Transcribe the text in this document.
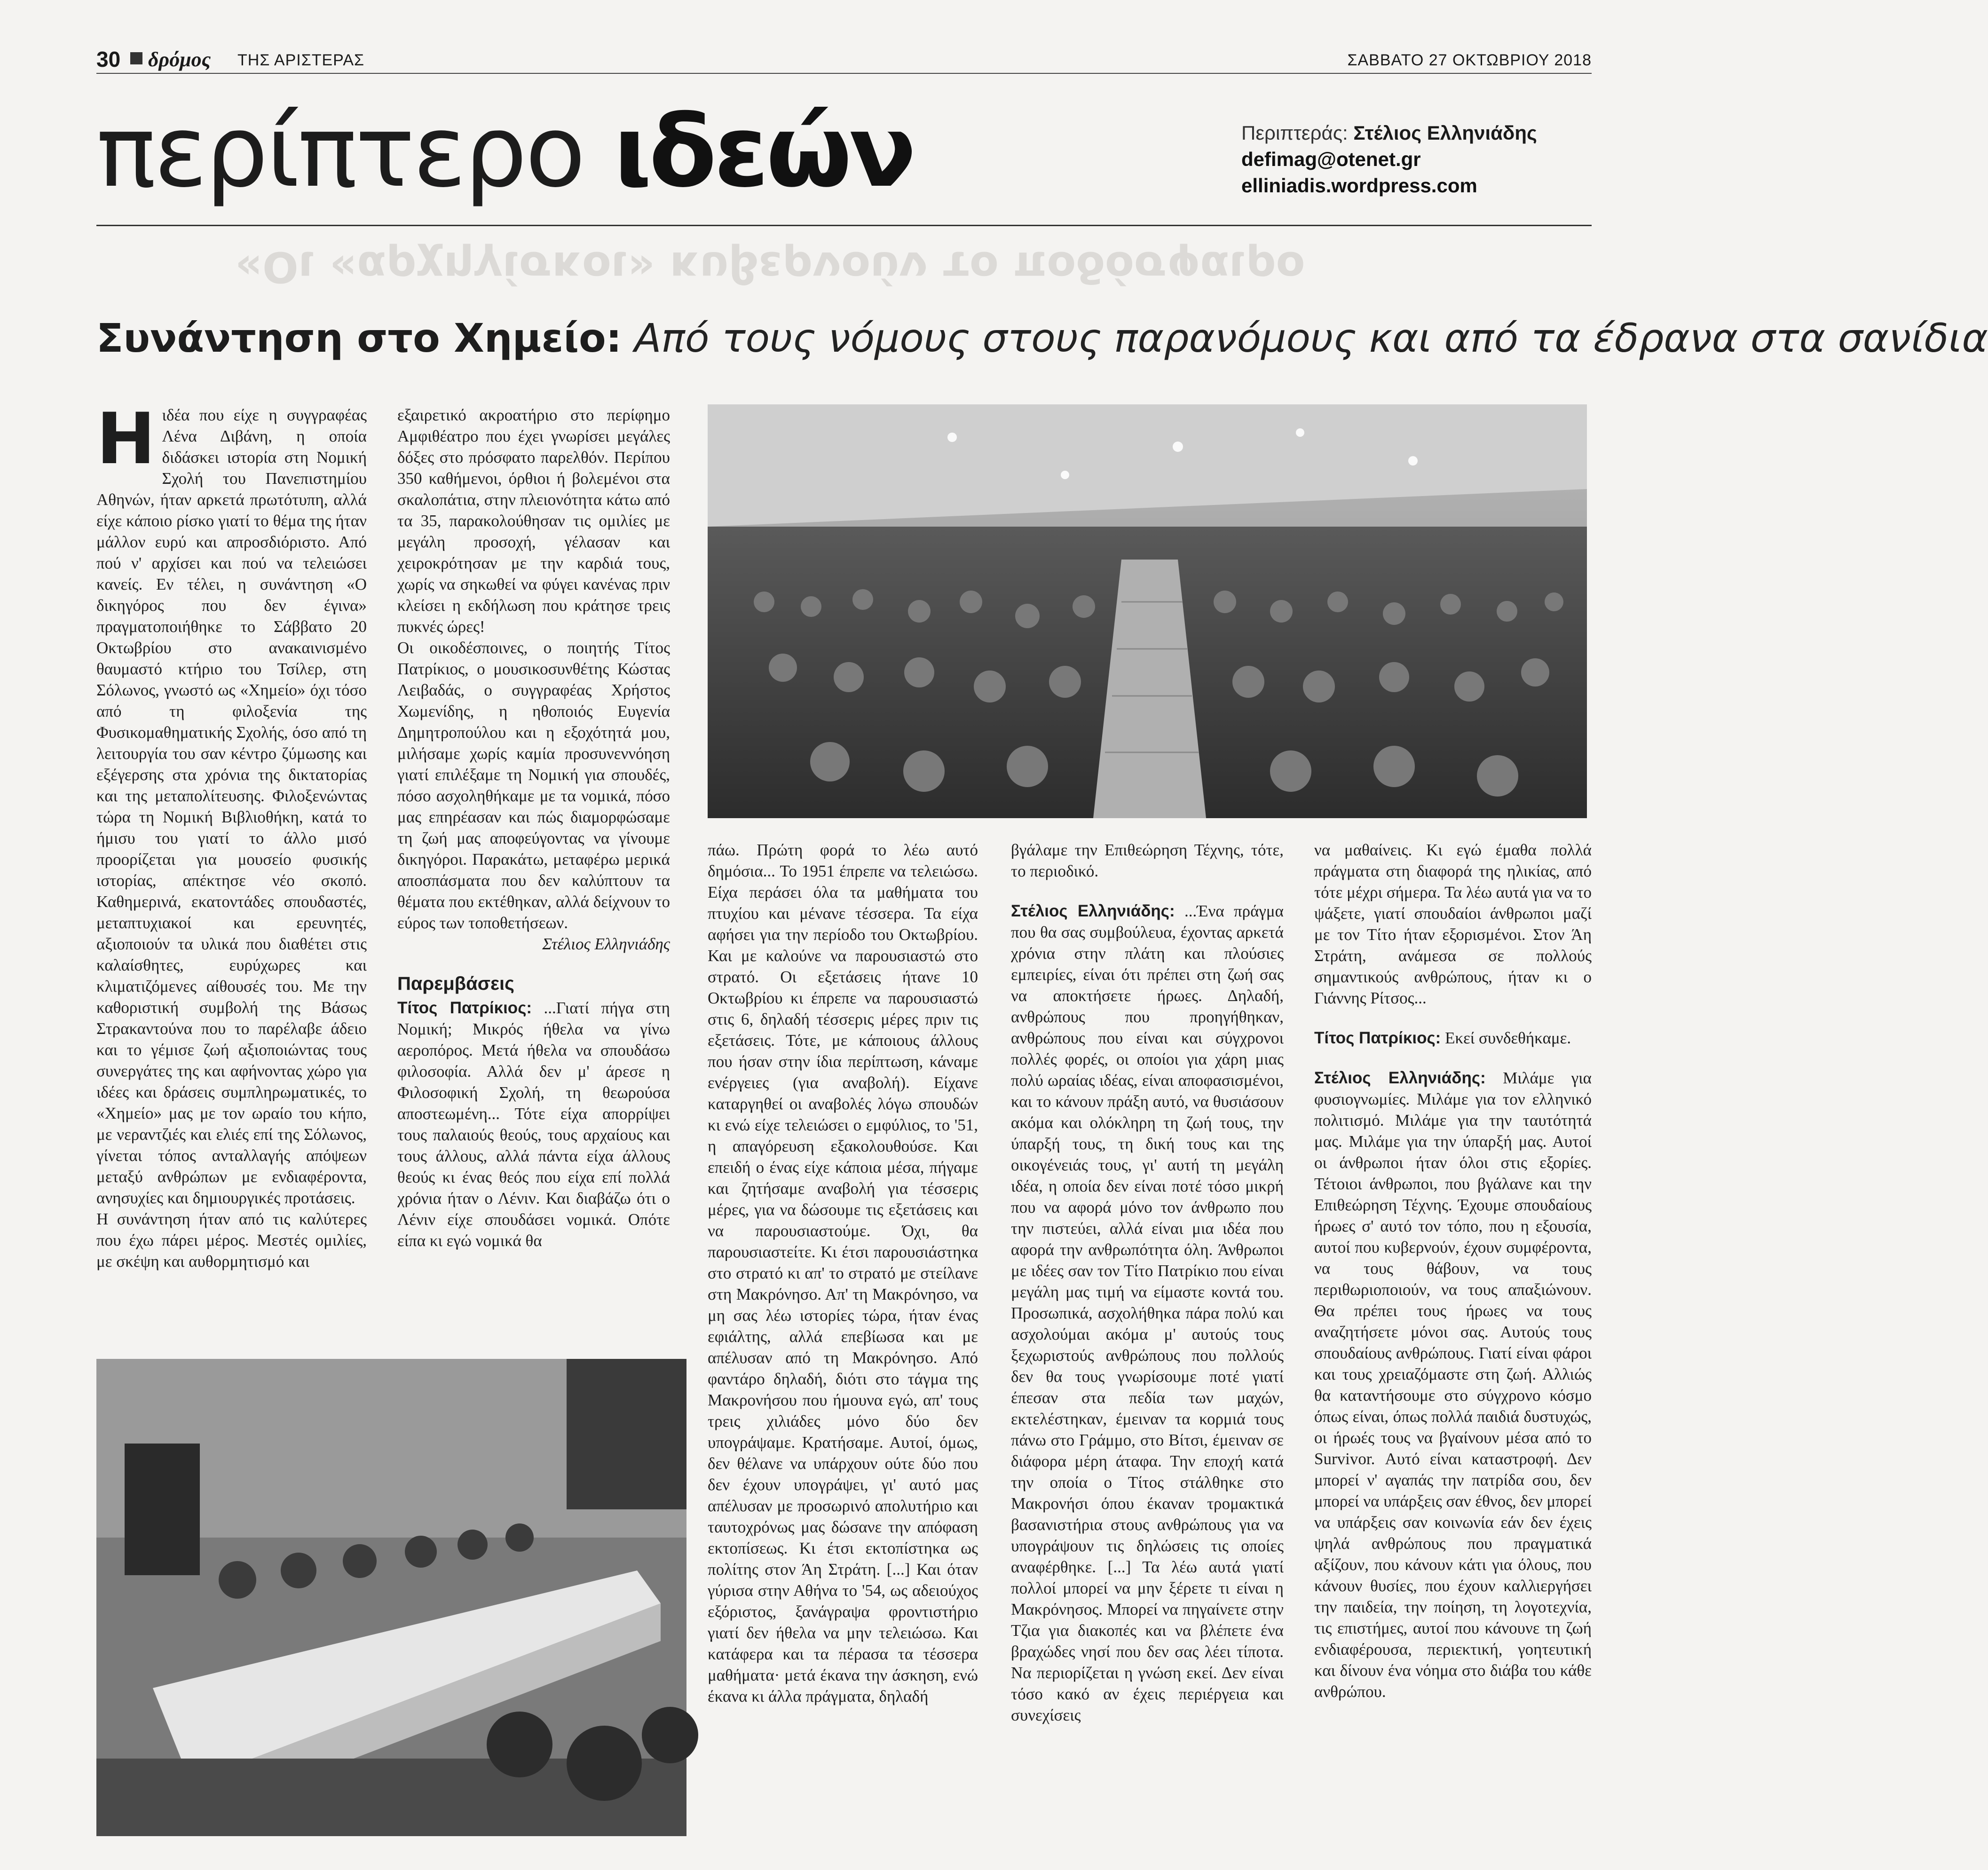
30 δρόμος ΤΗΣ ΑΡΙΣΤΕΡΑΣ	ΣΑΒΒΑΤΟ 27 ΟΚΤΩΒΡΙΟΥ 2018
περίπτερο ιδεών	Περιπτεράς: Στέλιος Ελληνιάδης
defimag@otenet.gr
elliniadis.wordpress.com
«Οι «αρχηγίσκοι» κυβερνούν το ποδόσφαιρο
Συνάντηση στο Χημείο: Από τους νόμους στους παρανόμους και από τα έδρανα στα σανίδια
Η ιδέα που είχε η συγγραφέας Λένα Διβάνη, η οποία διδάσκει ιστορία στη Νομική Σχολή του Πανεπιστημίου Αθηνών, ήταν αρκετά πρωτότυπη, αλλά είχε κάποιο ρίσκο γιατί το θέμα της ήταν μάλλον ευρύ και απροσδιόριστο. Από πού ν' αρχίσει και πού να τελειώσει κανείς. Εν τέλει, η συνάντηση «Ο δικηγόρος που δεν έγινα» πραγματοποιήθηκε το Σάββατο 20 Οκτωβρίου στο ανακαινισμένο θαυμαστό κτήριο του Τσίλερ, στη Σόλωνος, γνωστό ως «Χημείο» όχι τόσο από τη φιλοξενία της Φυσικομαθηματικής Σχολής, όσο από τη λειτουργία του σαν κέντρο ζύμωσης και εξέγερσης στα χρόνια της δικτατορίας και της μεταπολίτευσης. Φιλοξενώντας τώρα τη Νομική Βιβλιοθήκη, κατά το ήμισυ του γιατί το άλλο μισό προορίζεται για μουσείο φυσικής ιστορίας, απέκτησε νέο σκοπό. Καθημερινά, εκατοντάδες σπουδαστές, μεταπτυχιακοί και ερευνητές, αξιοποιούν τα υλικά που διαθέτει στις καλαίσθητες, ευρύχωρες και κλιματιζόμενες αίθουσές του. Με την καθοριστική συμβολή της Βάσως Στρακαντούνα που το παρέλαβε άδειο και το γέμισε ζωή αξιοποιώντας τους συνεργάτες της και αφήνοντας χώρο για ιδέες και δράσεις συμπληρωματικές, το «Χημείο» μας με τον ωραίο του κήπο, με νεραντζιές και ελιές επί της Σόλωνος, γίνεται τόπος ανταλλαγής απόψεων μεταξύ ανθρώπων με ενδιαφέροντα, ανησυχίες και δημιουργικές προτάσεις.

Η συνάντηση ήταν από τις καλύτερες που έχω πάρει μέρος. Μεστές ομιλίες, με σκέψη και αυθορμητισμό και

εξαιρετικό ακροατήριο στο περίφημο Αμφιθέατρο που έχει γνωρίσει μεγάλες δόξες στο πρόσφατο παρελθόν. Περίπου 350 καθήμενοι, όρθιοι ή βολεμένοι στα σκαλοπάτια, στην πλειονότητα κάτω από τα 35, παρακολούθησαν τις ομιλίες με μεγάλη προσοχή, γέλασαν και χειροκρότησαν με την καρδιά τους, χωρίς να σηκωθεί να φύγει κανένας πριν κλείσει η εκδήλωση που κράτησε τρεις πυκνές ώρες!

Οι οικοδέσποινες, ο ποιητής Τίτος Πατρίκιος, ο μουσικοσυνθέτης Κώστας Λειβαδάς, ο συγγραφέας Χρήστος Χωμενίδης, η ηθοποιός Ευγενία Δημητροπούλου και η εξοχότητά μου, μιλήσαμε χωρίς καμία προσυνεννόηση γιατί επιλέξαμε τη Νομική για σπουδές, πόσο ασχοληθήκαμε με τα νομικά, πόσο μας επηρέασαν και πώς διαμορφώσαμε τη ζωή μας αποφεύγοντας να γίνουμε δικηγόροι. Παρακάτω, μεταφέρω μερικά αποσπάσματα που δεν καλύπτουν τα θέματα που εκτέθηκαν, αλλά δείχνουν το εύρος των τοποθετήσεων.

Στέλιος Ελληνιάδης

Παρεμβάσεις

Τίτος Πατρίκιος: ...Γιατί πήγα στη Νομική; Μικρός ήθελα να γίνω αεροπόρος. Μετά ήθελα να σπουδάσω φιλοσοφία. Αλλά δεν μ' άρεσε η Φιλοσοφική Σχολή, τη θεωρούσα αποστεωμένη... Τότε είχα απορρίψει τους παλαιούς θεούς, τους αρχαίους και τους άλλους, αλλά πάντα είχα άλλους θεούς κι ένας θεός που είχα επί πολλά χρόνια ήταν ο Λένιν. Και διαβάζω ότι ο Λένιν είχε σπουδάσει νομικά. Οπότε είπα κι εγώ νομικά θα

πάω. Πρώτη φορά το λέω αυτό δημόσια... Το 1951 έπρεπε να τελειώσω. Είχα περάσει όλα τα μαθήματα του πτυχίου και μένανε τέσσερα. Τα είχα αφήσει για την περίοδο του Οκτωβρίου. Και με καλούνε να παρουσιαστώ στο στρατό. Οι εξετάσεις ήτανε 10 Οκτωβρίου κι έπρεπε να παρουσιαστώ στις 6, δηλαδή τέσσερις μέρες πριν τις εξετάσεις. Τότε, με κάποιους άλλους που ήσαν στην ίδια περίπτωση, κάναμε ενέργειες (για αναβολή). Είχανε καταργηθεί οι αναβολές λόγω σπουδών κι ενώ είχε τελειώσει ο εμφύλιος, το '51, η απαγόρευση εξακολουθούσε. Και επειδή ο ένας είχε κάποια μέσα, πήγαμε και ζητήσαμε αναβολή για τέσσερις μέρες, για να δώσουμε τις εξετάσεις και να παρουσιαστούμε. Όχι, θα παρουσιαστείτε. Κι έτσι παρουσιάστηκα στο στρατό κι απ' το στρατό με στείλανε στη Μακρόνησο. Απ' τη Μακρόνησο, να μη σας λέω ιστορίες τώρα, ήταν ένας εφιάλτης, αλλά επεβίωσα και με απέλυσαν από τη Μακρόνησο. Από φαντάρο δηλαδή, διότι στο τάγμα της Μακρονήσου που ήμουνα εγώ, απ' τους τρεις χιλιάδες μόνο δύο δεν υπογράψαμε. Κρατήσαμε. Αυτοί, όμως, δεν θέλανε να υπάρχουν ούτε δύο που δεν έχουν υπογράψει, γι' αυτό μας απέλυσαν με προσωρινό απολυτήριο και ταυτοχρόνως μας δώσανε την απόφαση εκτοπίσεως. Κι έτσι εκτοπίστηκα ως πολίτης στον Άη Στράτη. [...] Και όταν γύρισα στην Αθήνα το '54, ως αδειούχος εξόριστος, ξανάγραψα φροντιστήριο γιατί δεν ήθελα να μην τελειώσω. Και κατάφερα και τα πέρασα τα τέσσερα μαθήματα· μετά έκανα την άσκηση, ενώ έκανα κι άλλα πράγματα, δηλαδή

βγάλαμε την Επιθεώρηση Τέχνης, τότε, το περιοδικό.

Στέλιος Ελληνιάδης: ...Ένα πράγμα που θα σας συμβούλευα, έχοντας αρκετά χρόνια στην πλάτη και πλούσιες εμπειρίες, είναι ότι πρέπει στη ζωή σας να αποκτήσετε ήρωες. Δηλαδή, ανθρώπους που προηγήθηκαν, ανθρώπους που είναι και σύγχρονοι πολλές φορές, οι οποίοι για χάρη μιας πολύ ωραίας ιδέας, είναι αποφασισμένοι, και το κάνουν πράξη αυτό, να θυσιάσουν ακόμα και ολόκληρη τη ζωή τους, την ύπαρξή τους, τη δική τους και της οικογένειάς τους, γι' αυτή τη μεγάλη ιδέα, η οποία δεν είναι ποτέ τόσο μικρή που να αφορά μόνο τον άνθρωπο που την πιστεύει, αλλά είναι μια ιδέα που αφορά την ανθρωπότητα όλη. Άνθρωποι με ιδέες σαν τον Τίτο Πατρίκιο που είναι μεγάλη μας τιμή να είμαστε κοντά του. Προσωπικά, ασχολήθηκα πάρα πολύ και ασχολούμαι ακόμα μ' αυτούς τους ξεχωριστούς ανθρώπους που πολλούς δεν θα τους γνωρίσουμε ποτέ γιατί έπεσαν στα πεδία των μαχών, εκτελέστηκαν, έμειναν τα κορμιά τους πάνω στο Γράμμο, στο Βίτσι, έμειναν σε διάφορα μέρη άταφα. Την εποχή κατά την οποία ο Τίτος στάλθηκε στο Μακρονήσι όπου έκαναν τρομακτικά βασανιστήρια στους ανθρώπους για να υπογράψουν τις δηλώσεις τις οποίες αναφέρθηκε. [...] Τα λέω αυτά γιατί πολλοί μπορεί να μην ξέρετε τι είναι η Μακρόνησος. Μπορεί να πηγαίνετε στην Τζια για διακοπές και να βλέπετε ένα βραχώδες νησί που δεν σας λέει τίποτα. Να περιορίζεται η γνώση εκεί. Δεν είναι τόσο κακό αν έχεις περιέργεια και συνεχίσεις

να μαθαίνεις. Κι εγώ έμαθα πολλά πράγματα στη διαφορά της ηλικίας, από τότε μέχρι σήμερα. Τα λέω αυτά για να το ψάξετε, γιατί σπουδαίοι άνθρωποι μαζί με τον Τίτο ήταν εξορισμένοι. Στον Άη Στράτη, ανάμεσα σε πολλούς σημαντικούς ανθρώπους, ήταν κι ο Γιάννης Ρίτσος...

Τίτος Πατρίκιος: Εκεί συνδεθήκαμε.

Στέλιος Ελληνιάδης: Μιλάμε για φυσιογνωμίες. Μιλάμε για τον ελληνικό πολιτισμό. Μιλάμε για την ταυτότητά μας. Μιλάμε για την ύπαρξή μας. Αυτοί οι άνθρωποι ήταν όλοι στις εξορίες. Τέτοιοι άνθρωποι, που βγάλανε και την Επιθεώρηση Τέχνης. Έχουμε σπουδαίους ήρωες σ' αυτό τον τόπο, που η εξουσία, αυτοί που κυβερνούν, έχουν συμφέροντα, να τους θάβουν, να τους περιθωριοποιούν, να τους απαξιώνουν. Θα πρέπει τους ήρωες να τους αναζητήσετε μόνοι σας. Αυτούς τους σπουδαίους ανθρώπους. Γιατί είναι φάροι και τους χρειαζόμαστε στη ζωή. Αλλιώς θα καταντήσουμε στο σύγχρονο κόσμο όπως είναι, όπως πολλά παιδιά δυστυχώς, οι ήρωές τους να βγαίνουν μέσα από το Survivor. Αυτό είναι καταστροφή. Δεν μπορεί ν' αγαπάς την πατρίδα σου, δεν μπορεί να υπάρξεις σαν έθνος, δεν μπορεί να υπάρξεις σαν κοινωνία εάν δεν έχεις ψηλά ανθρώπους που πραγματικά αξίζουν, που κάνουν κάτι για όλους, που κάνουν θυσίες, που έχουν καλλιεργήσει την παιδεία, την ποίηση, τη λογοτεχνία, τις επιστήμες, αυτοί που κάνουνε τη ζωή ενδιαφέρουσα, περιεκτική, γοητευτική και δίνουν ένα νόημα στο διάβα του κάθε ανθρώπου.
